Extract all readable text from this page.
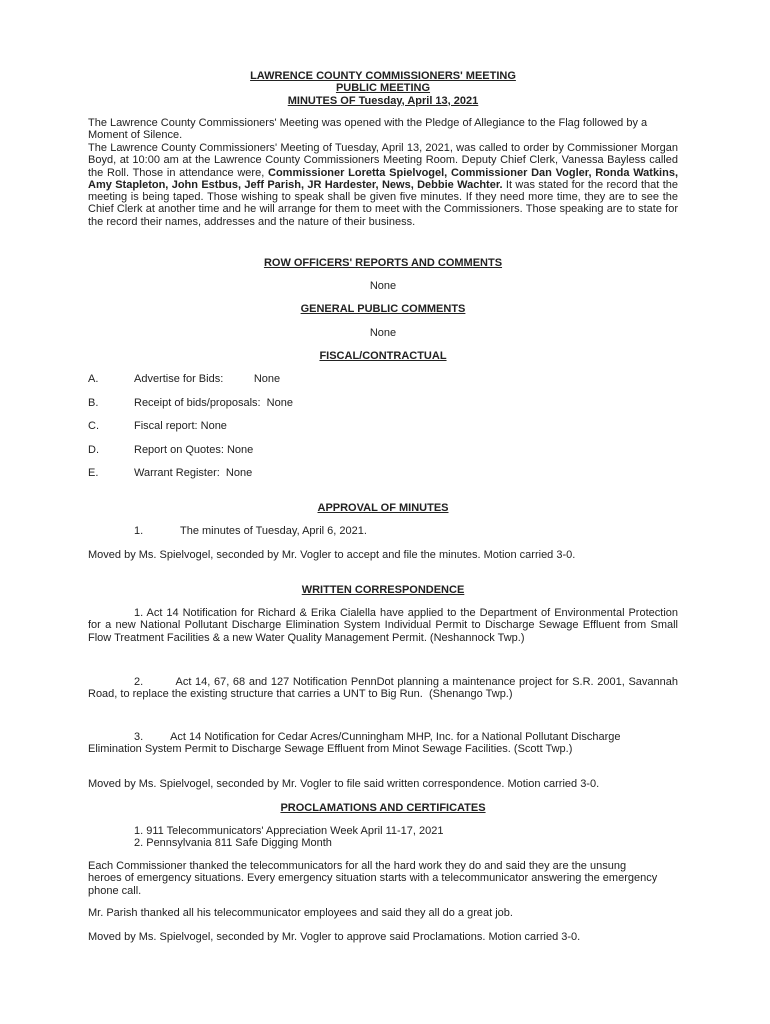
LAWRENCE COUNTY COMMISSIONERS' MEETING
PUBLIC MEETING
MINUTES OF Tuesday, April 13, 2021
The Lawrence County Commissioners' Meeting was opened with the Pledge of Allegiance to the Flag followed by a Moment of Silence.
The Lawrence County Commissioners' Meeting of Tuesday, April 13, 2021, was called to order by Commissioner Morgan Boyd, at 10:00 am at the Lawrence County Commissioners Meeting Room. Deputy Chief Clerk, Vanessa Bayless called the Roll. Those in attendance were, Commissioner Loretta Spielvogel, Commissioner Dan Vogler, Ronda Watkins, Amy Stapleton, John Estbus, Jeff Parish, JR Hardester, News, Debbie Wachter. It was stated for the record that the meeting is being taped. Those wishing to speak shall be given five minutes. If they need more time, they are to see the Chief Clerk at another time and he will arrange for them to meet with the Commissioners. Those speaking are to state for the record their names, addresses and the nature of their business.
ROW OFFICERS' REPORTS AND COMMENTS
None
GENERAL PUBLIC COMMENTS
None
FISCAL/CONTRACTUAL
A.	Advertise for Bids:          None
B.	Receipt of bids/proposals:  None
C.	Fiscal report: None
D.	Report on Quotes: None
E.	Warrant Register:  None
APPROVAL OF MINUTES
1.	The minutes of Tuesday, April 6, 2021.
Moved by Ms. Spielvogel, seconded by Mr. Vogler to accept and file the minutes. Motion carried 3-0.
WRITTEN CORRESPONDENCE
1. Act 14 Notification for Richard & Erika Cialella have applied to the Department of Environmental Protection for a new National Pollutant Discharge Elimination System Individual Permit to Discharge Sewage Effluent from Small Flow Treatment Facilities & a new Water Quality Management Permit. (Neshannock Twp.)
2.         Act 14, 67, 68 and 127 Notification PennDot planning a maintenance project for S.R. 2001, Savannah Road, to replace the existing structure that carries a UNT to Big Run.  (Shenango Twp.)
3.         Act 14 Notification for Cedar Acres/Cunningham MHP, Inc. for a National Pollutant Discharge Elimination System Permit to Discharge Sewage Effluent from Minot Sewage Facilities. (Scott Twp.)
Moved by Ms. Spielvogel, seconded by Mr. Vogler to file said written correspondence. Motion carried 3-0.
PROCLAMATIONS AND CERTIFICATES
1. 911 Telecommunicators' Appreciation Week April 11-17, 2021
2. Pennsylvania 811 Safe Digging Month
Each Commissioner thanked the telecommunicators for all the hard work they do and said they are the unsung heroes of emergency situations. Every emergency situation starts with a telecommunicator answering the emergency phone call.
Mr. Parish thanked all his telecommunicator employees and said they all do a great job.
Moved by Ms. Spielvogel, seconded by Mr. Vogler to approve said Proclamations. Motion carried 3-0.
